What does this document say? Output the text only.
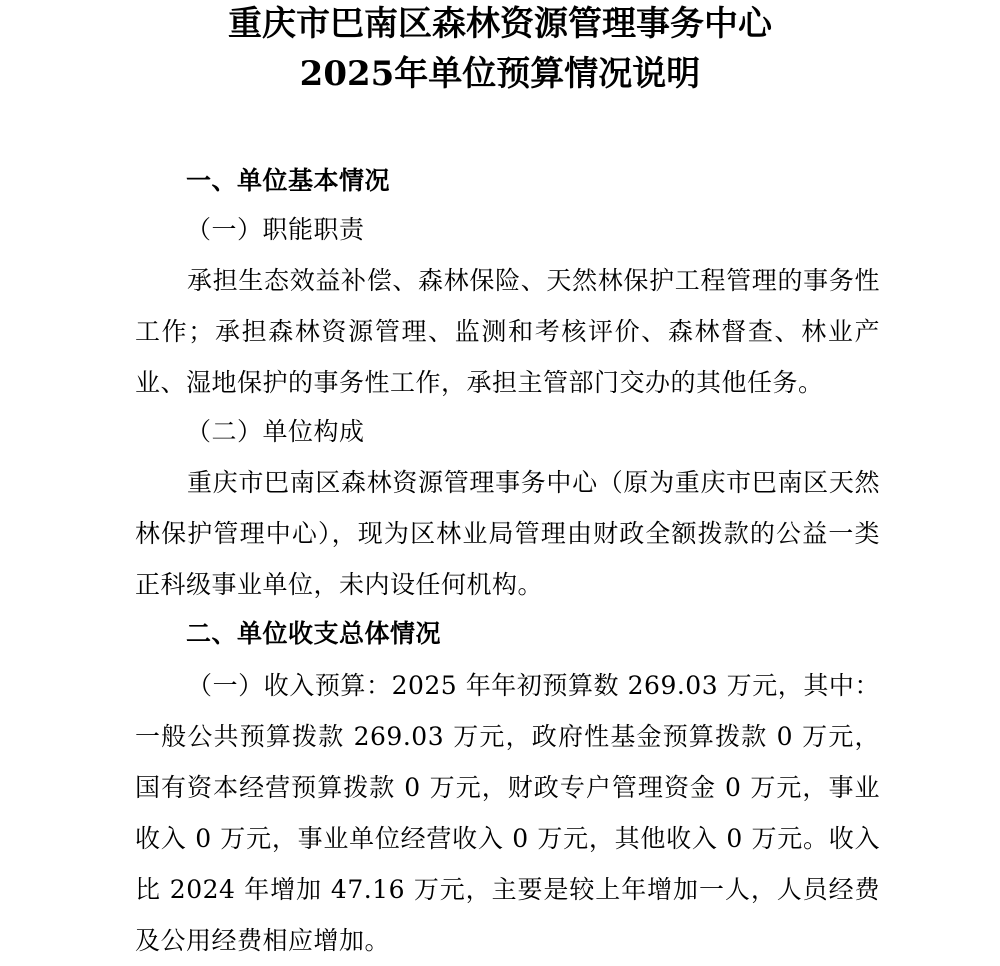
重庆市巴南区森林资源管理事务中心
2025年单位预算情况说明
一、单位基本情况
（一）职能职责
承担生态效益补偿、森林保险、天然林保护工程管理的事务性工作；承担森林资源管理、监测和考核评价、森林督查、林业产业、湿地保护的事务性工作，承担主管部门交办的其他任务。
（二）单位构成
重庆市巴南区森林资源管理事务中心（原为重庆市巴南区天然林保护管理中心），现为区林业局管理由财政全额拨款的公益一类正科级事业单位，未内设任何机构。
二、单位收支总体情况
（一）收入预算：2025 年年初预算数 269.03 万元，其中：一般公共预算拨款 269.03 万元，政府性基金预算拨款 0 万元，国有资本经营预算拨款 0 万元，财政专户管理资金 0 万元，事业收入 0 万元，事业单位经营收入 0 万元，其他收入 0 万元。收入比 2024 年增加 47.16 万元，主要是较上年增加一人，人员经费及公用经费相应增加。
